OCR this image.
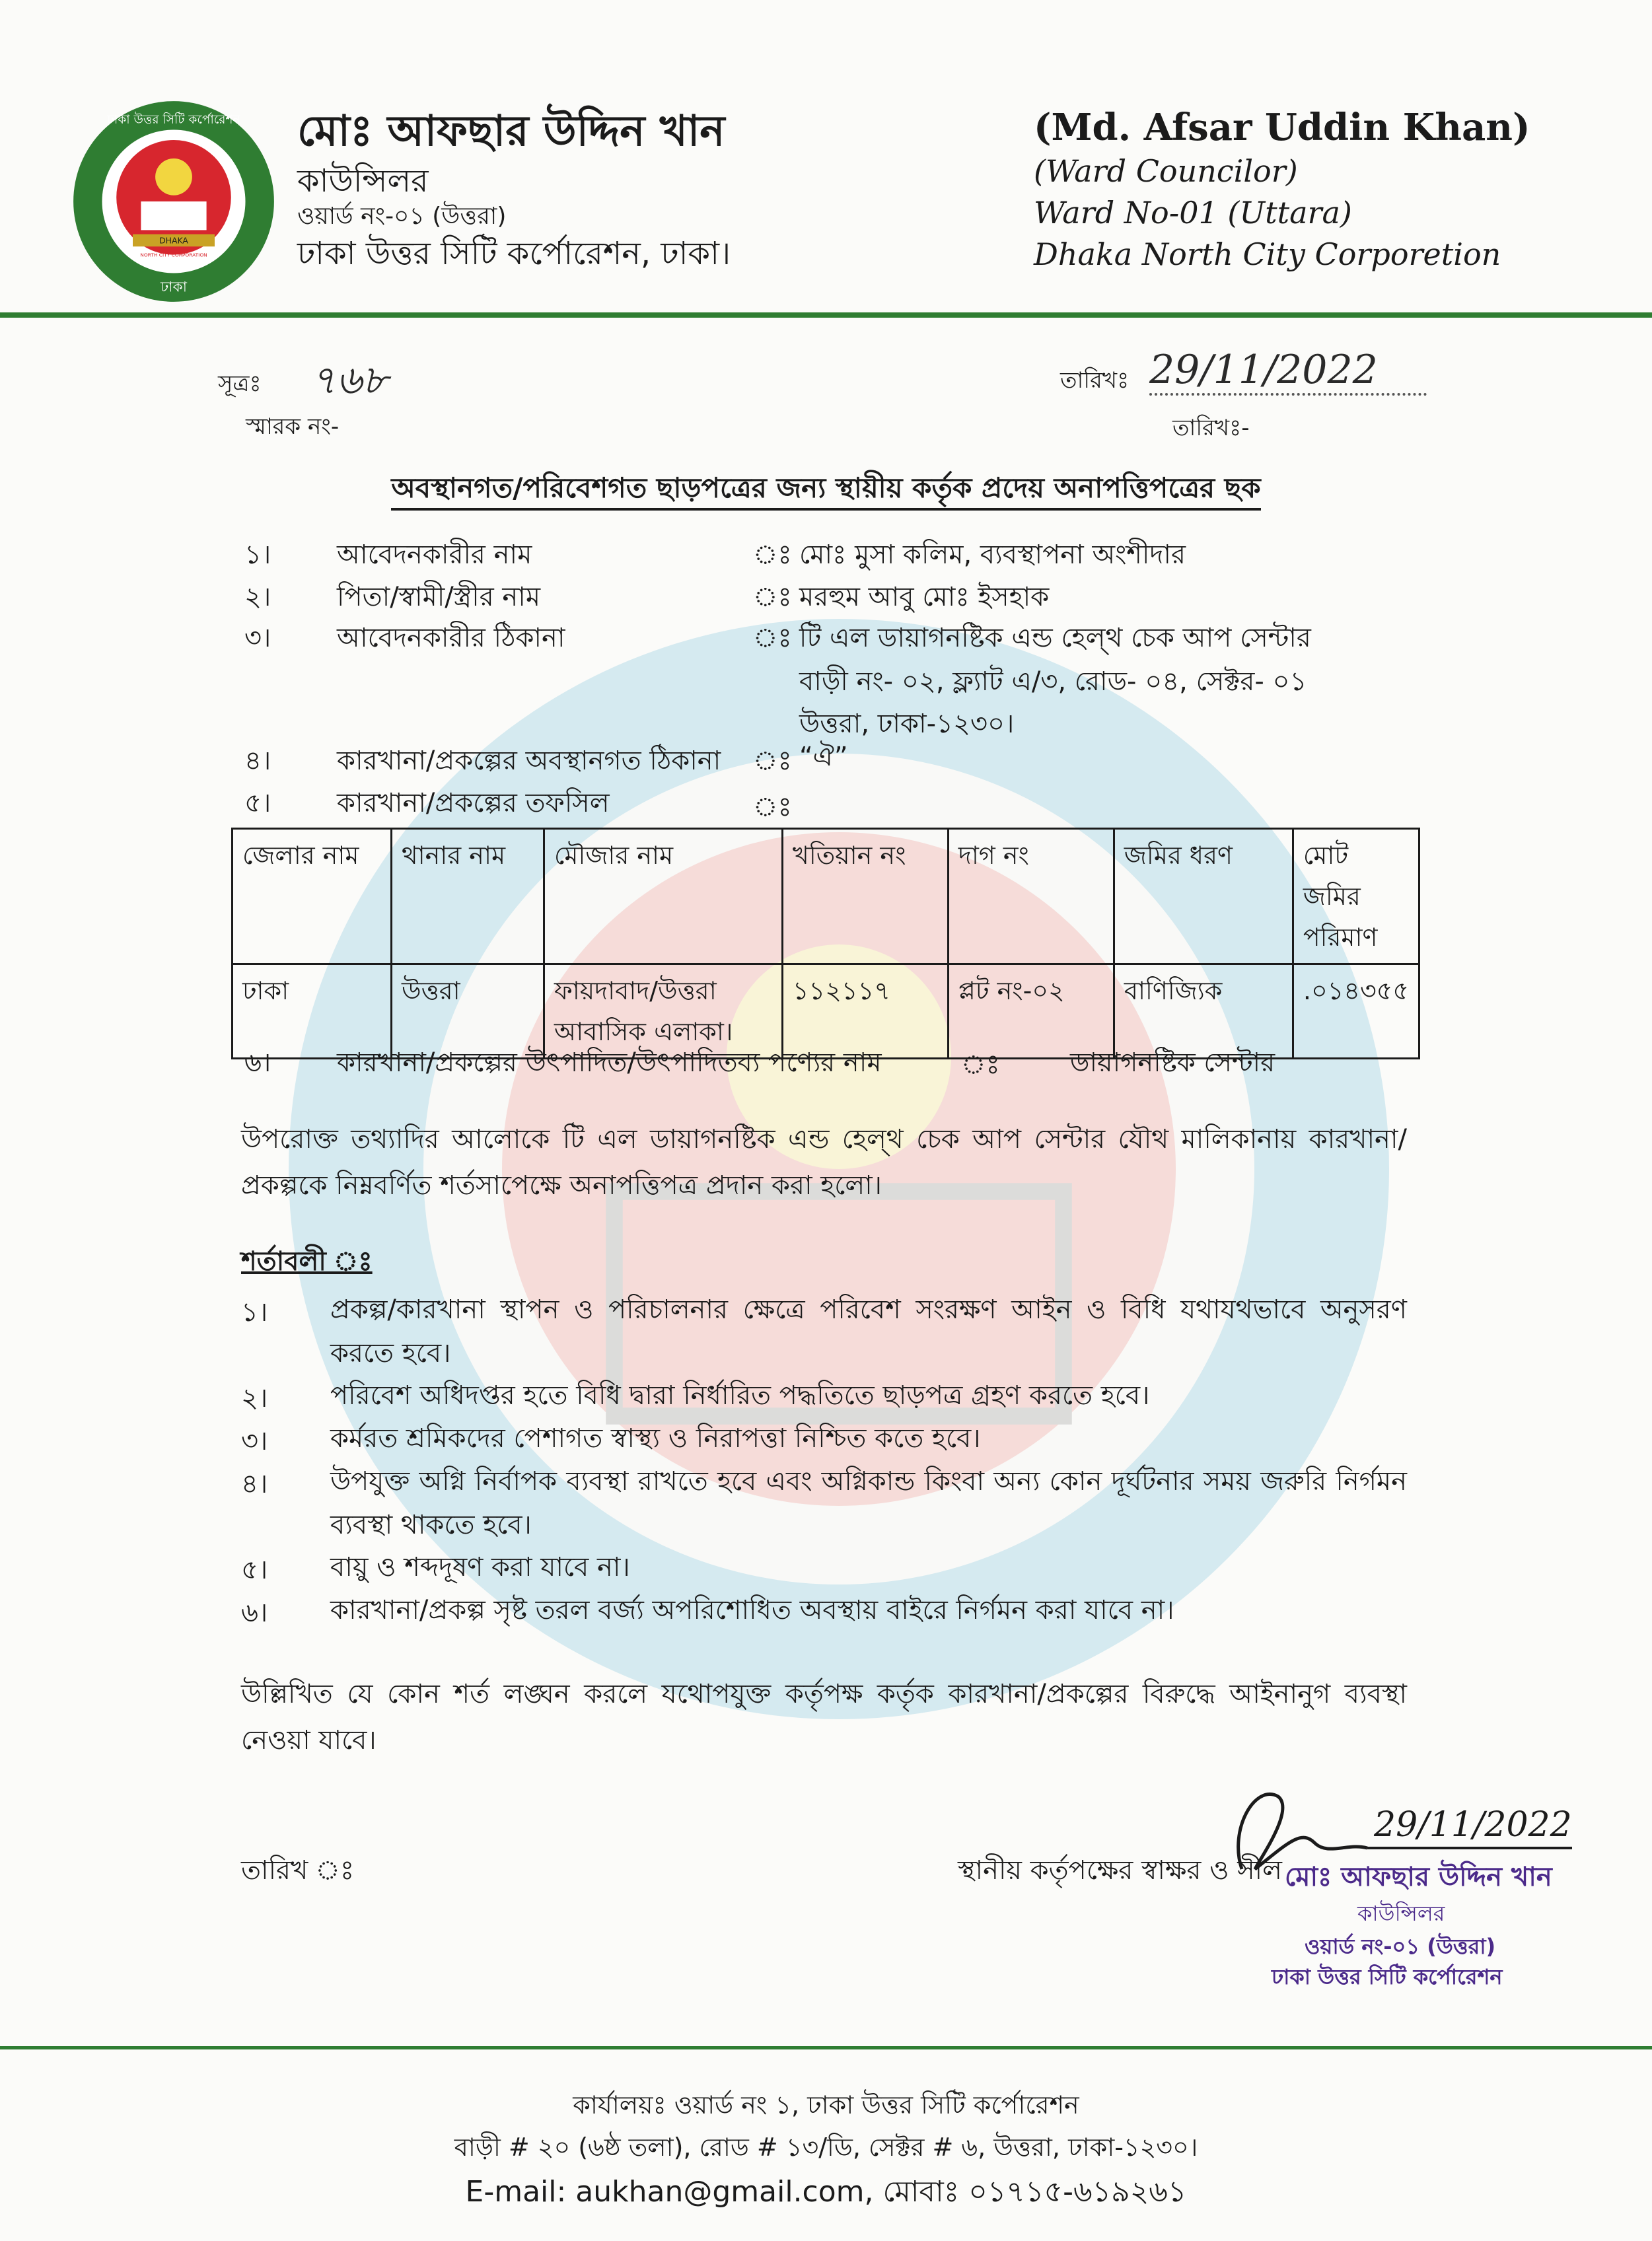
DHAKA
NORTH CITY CORPORATION
ঢাকা উত্তর সিটি কর্পোরেশন
ঢাকা
মোঃ আফছার উদ্দিন খান
কাউন্সিলর
ওয়ার্ড নং-০১ (উত্তরা)
ঢাকা উত্তর সিটি কর্পোরেশন, ঢাকা।
(Md. Afsar Uddin Khan)
(Ward Councilor)
Ward No-01 (Uttara)
Dhaka North City Corporetion
সূত্রঃ ৭৬৮
স্মারক নং-
তারিখঃ 29/11/2022
তারিখঃ-
অবস্থানগত/পরিবেশগত ছাড়পত্রের জন্য স্থায়ীয় কর্তৃক প্রদেয় অনাপত্তিপত্রের ছক
১। আবেদনকারীর নাম	ঃ মোঃ মুসা কলিম, ব্যবস্থাপনা অংশীদার
২। পিতা/স্বামী/স্ত্রীর নাম	ঃ মরহুম আবু মোঃ ইসহাক
৩। আবেদনকারীর ঠিকানা	ঃ টি এল ডায়াগনষ্টিক এন্ড হেল্থ চেক আপ সেন্টার
বাড়ী নং- ০২, ফ্ল্যাট এ/৩, রোড- ০৪, সেক্টর- ০১
উত্তরা, ঢাকা-১২৩০।
৪। কারখানা/প্রকল্পের অবস্থানগত ঠিকানা ঃ “ঐ”
৫। কারখানা/প্রকল্পের তফসিল	ঃ
জেলার নাম	থানার নাম	মৌজার নাম	খতিয়ান নং	দাগ নং	জমির ধরণ	মোট জমির পরিমাণ
ঢাকা	উত্তরা	ফায়দাবাদ/উত্তরা আবাসিক এলাকা।	১১২১১৭	প্লট নং-০২	বাণিজ্যিক	.০১৪৩৫৫
৬। কারখানা/প্রকল্পের উৎপাদিত/উৎপাদিতব্য পণ্যের নাম	ঃ	ডায়াগনষ্টিক সেন্টার
উপরোক্ত তথ্যাদির আলোকে টি এল ডায়াগনষ্টিক এন্ড হেল্থ চেক আপ সেন্টার যৌথ মালিকানায় কারখানা/প্রকল্পকে নিম্নবর্ণিত শর্তসাপেক্ষে অনাপত্তিপত্র প্রদান করা হলো।
শর্তাবলী ঃ
১। প্রকল্প/কারখানা স্থাপন ও পরিচালনার ক্ষেত্রে পরিবেশ সংরক্ষণ আইন ও বিধি যথাযথভাবে অনুসরণ করতে হবে।
২। পরিবেশ অধিদপ্তর হতে বিধি দ্বারা নির্ধারিত পদ্ধতিতে ছাড়পত্র গ্রহণ করতে হবে।
৩। কর্মরত শ্রমিকদের পেশাগত স্বাস্থ্য ও নিরাপত্তা নিশ্চিত কতে হবে।
৪। উপযুক্ত অগ্নি নির্বাপক ব্যবস্থা রাখতে হবে এবং অগ্নিকান্ড কিংবা অন্য কোন দূর্ঘটনার সময় জরুরি নির্গমন ব্যবস্থা থাকতে হবে।
৫। বায়ু ও শব্দদূষণ করা যাবে না।
৬। কারখানা/প্রকল্প সৃষ্ট তরল বর্জ্য অপরিশোধিত অবস্থায় বাইরে নির্গমন করা যাবে না।
উল্লিখিত যে কোন শর্ত লঙ্ঘন করলে যথোপযুক্ত কর্তৃপক্ষ কর্তৃক কারখানা/প্রকল্পের বিরুদ্ধে আইনানুগ ব্যবস্থা নেওয়া যাবে।
তারিখ ঃ	স্থানীয় কর্তৃপক্ষের স্বাক্ষর ও সীল
29/11/2022
মোঃ আফছার উদ্দিন খান
কাউন্সিলর
ওয়ার্ড নং-০১ (উত্তরা)
ঢাকা উত্তর সিটি কর্পোরেশন
কার্যালয়ঃ ওয়ার্ড নং ১, ঢাকা উত্তর সিটি কর্পোরেশন
বাড়ী # ২০ (৬ষ্ঠ তলা), রোড # ১৩/ডি, সেক্টর # ৬, উত্তরা, ঢাকা-১২৩০।
E-mail: aukhan@gmail.com, মোবাঃ ০১৭১৫-৬১৯২৬১
